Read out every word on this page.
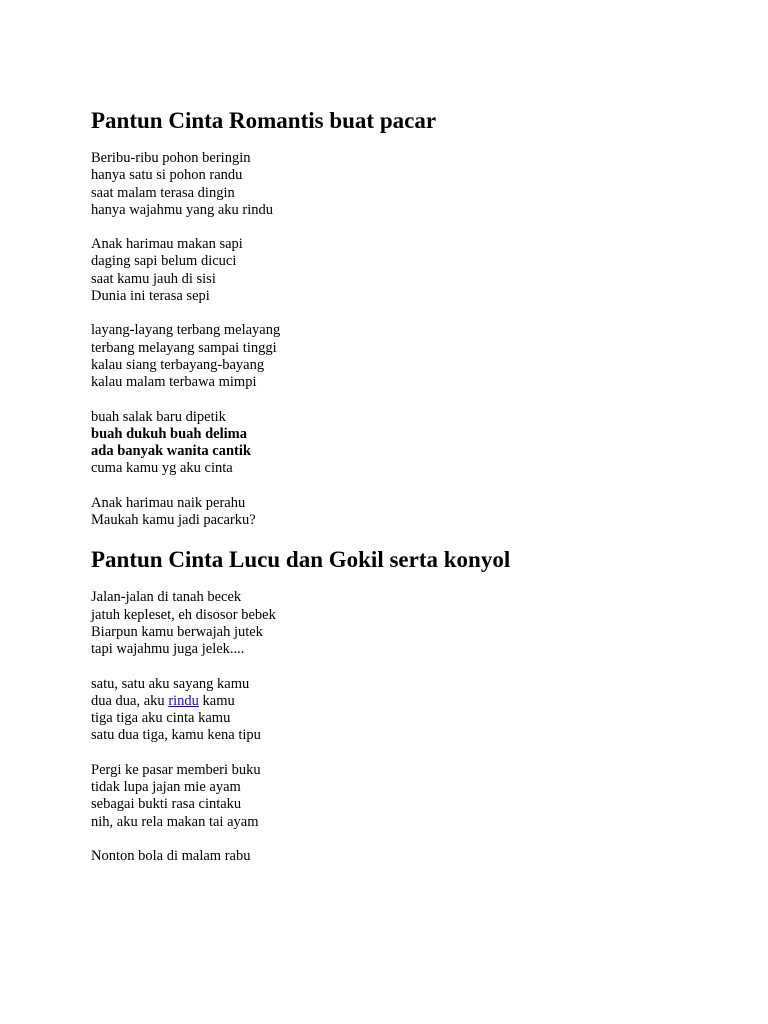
Pantun Cinta Romantis buat pacar
Beribu-ribu pohon beringin
hanya satu si pohon randu
saat malam terasa dingin
hanya wajahmu yang aku rindu
Anak harimau makan sapi
daging sapi belum dicuci
saat kamu jauh di sisi
Dunia ini terasa sepi
layang-layang terbang melayang
terbang melayang sampai tinggi
kalau siang terbayang-bayang
kalau malam terbawa mimpi
buah salak baru dipetik
buah dukuh buah delima
ada banyak wanita cantik
cuma kamu yg aku cinta
Anak harimau naik perahu
Maukah kamu jadi pacarku?
Pantun Cinta Lucu dan Gokil serta konyol
Jalan-jalan di tanah becek
jatuh kepleset, eh disosor bebek
Biarpun kamu berwajah jutek
tapi wajahmu juga jelek....
satu, satu aku sayang kamu
dua dua, aku rindu kamu
tiga tiga aku cinta kamu
satu dua tiga, kamu kena tipu
Pergi ke pasar memberi buku
tidak lupa jajan mie ayam
sebagai bukti rasa cintaku
nih, aku rela makan tai ayam
Nonton bola di malam rabu
